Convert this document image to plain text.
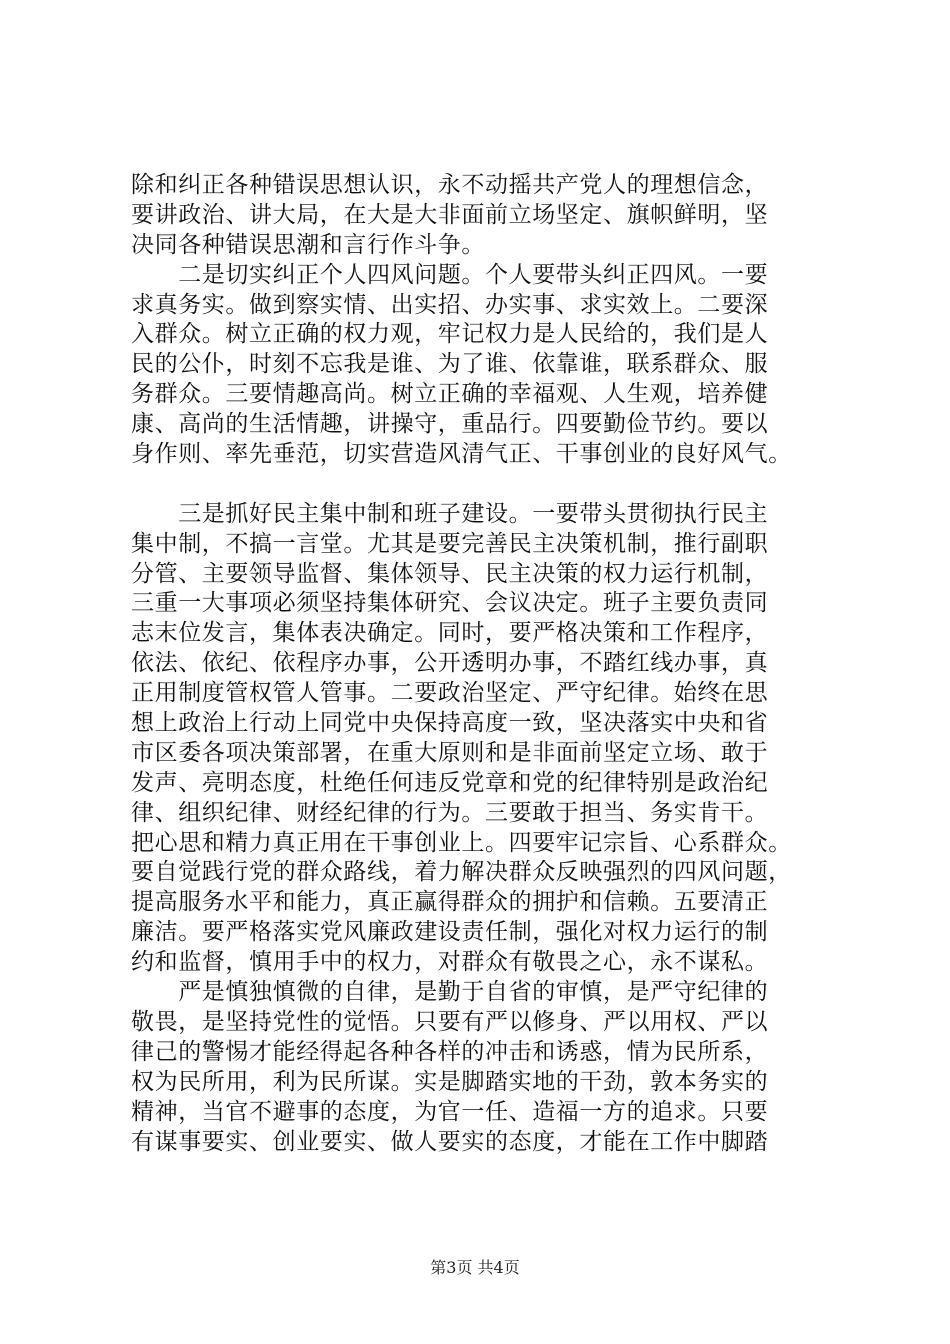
除和纠正各种错误思想认识，永不动摇共产党人的理想信念，
要讲政治、讲大局，在大是大非面前立场坚定、旗帜鲜明，坚
决同各种错误思潮和言行作斗争。
　　二是切实纠正个人四风问题。个人要带头纠正四风。一要
求真务实。做到察实情、出实招、办实事、求实效上。二要深
入群众。树立正确的权力观，牢记权力是人民给的，我们是人
民的公仆，时刻不忘我是谁、为了谁、依靠谁，联系群众、服
务群众。三要情趣高尚。树立正确的幸福观、人生观，培养健
康、高尚的生活情趣，讲操守，重品行。四要勤俭节约。要以
身作则、率先垂范，切实营造风清气正、干事创业的良好风气。
　　三是抓好民主集中制和班子建设。一要带头贯彻执行民主
集中制，不搞一言堂。尤其是要完善民主决策机制，推行副职
分管、主要领导监督、集体领导、民主决策的权力运行机制，
三重一大事项必须坚持集体研究、会议决定。班子主要负责同
志末位发言，集体表决确定。同时，要严格决策和工作程序，
依法、依纪、依程序办事，公开透明办事，不踏红线办事，真
正用制度管权管人管事。二要政治坚定、严守纪律。始终在思
想上政治上行动上同党中央保持高度一致，坚决落实中央和省
市区委各项决策部署，在重大原则和是非面前坚定立场、敢于
发声、亮明态度，杜绝任何违反党章和党的纪律特别是政治纪
律、组织纪律、财经纪律的行为。三要敢于担当、务实肯干。
把心思和精力真正用在干事创业上。四要牢记宗旨、心系群众。
要自觉践行党的群众路线，着力解决群众反映强烈的四风问题，
提高服务水平和能力，真正赢得群众的拥护和信赖。五要清正
廉洁。要严格落实党风廉政建设责任制，强化对权力运行的制
约和监督，慎用手中的权力，对群众有敬畏之心，永不谋私。
　　严是慎独慎微的自律，是勤于自省的审慎，是严守纪律的
敬畏，是坚持党性的觉悟。只要有严以修身、严以用权、严以
律己的警惕才能经得起各种各样的冲击和诱惑，情为民所系，
权为民所用，利为民所谋。实是脚踏实地的干劲，敦本务实的
精神，当官不避事的态度，为官一任、造福一方的追求。只要
有谋事要实、创业要实、做人要实的态度，才能在工作中脚踏
第3页 共4页
